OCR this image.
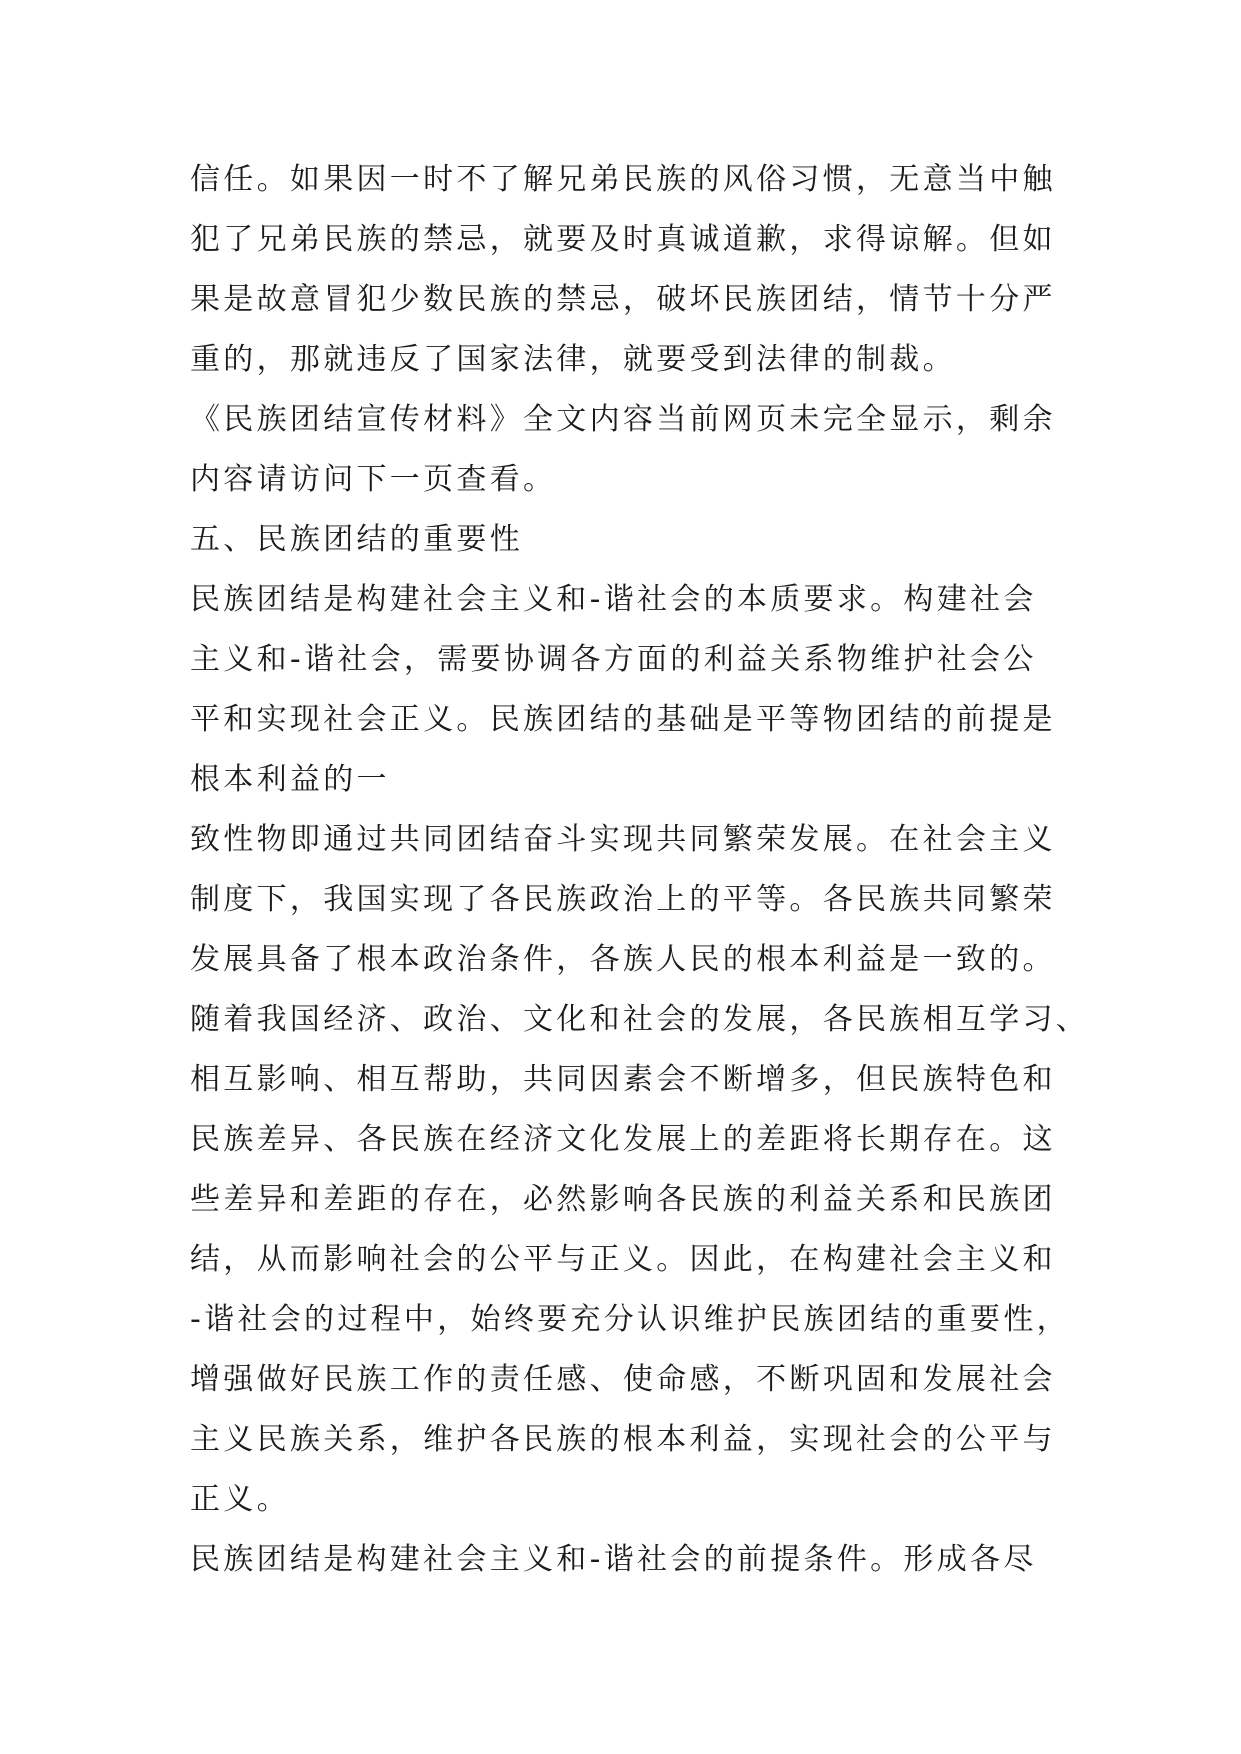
信任。如果因一时不了解兄弟民族的风俗习惯，无意当中触
犯了兄弟民族的禁忌，就要及时真诚道歉，求得谅解。但如
果是故意冒犯少数民族的禁忌，破坏民族团结，情节十分严
重的，那就违反了国家法律，就要受到法律的制裁。
《民族团结宣传材料》全文内容当前网页未完全显示，剩余
内容请访问下一页查看。
五、民族团结的重要性
民族团结是构建社会主义和-谐社会的本质要求。构建社会
主义和-谐社会，需要协调各方面的利益关系物维护社会公
平和实现社会正义。民族团结的基础是平等物团结的前提是
根本利益的一
致性物即通过共同团结奋斗实现共同繁荣发展。在社会主义
制度下，我国实现了各民族政治上的平等。各民族共同繁荣
发展具备了根本政治条件，各族人民的根本利益是一致的。
随着我国经济、政治、文化和社会的发展，各民族相互学习、
相互影响、相互帮助，共同因素会不断增多，但民族特色和
民族差异、各民族在经济文化发展上的差距将长期存在。这
些差异和差距的存在，必然影响各民族的利益关系和民族团
结，从而影响社会的公平与正义。因此，在构建社会主义和
-谐社会的过程中，始终要充分认识维护民族团结的重要性，
增强做好民族工作的责任感、使命感，不断巩固和发展社会
主义民族关系，维护各民族的根本利益，实现社会的公平与
正义。
民族团结是构建社会主义和-谐社会的前提条件。形成各尽
